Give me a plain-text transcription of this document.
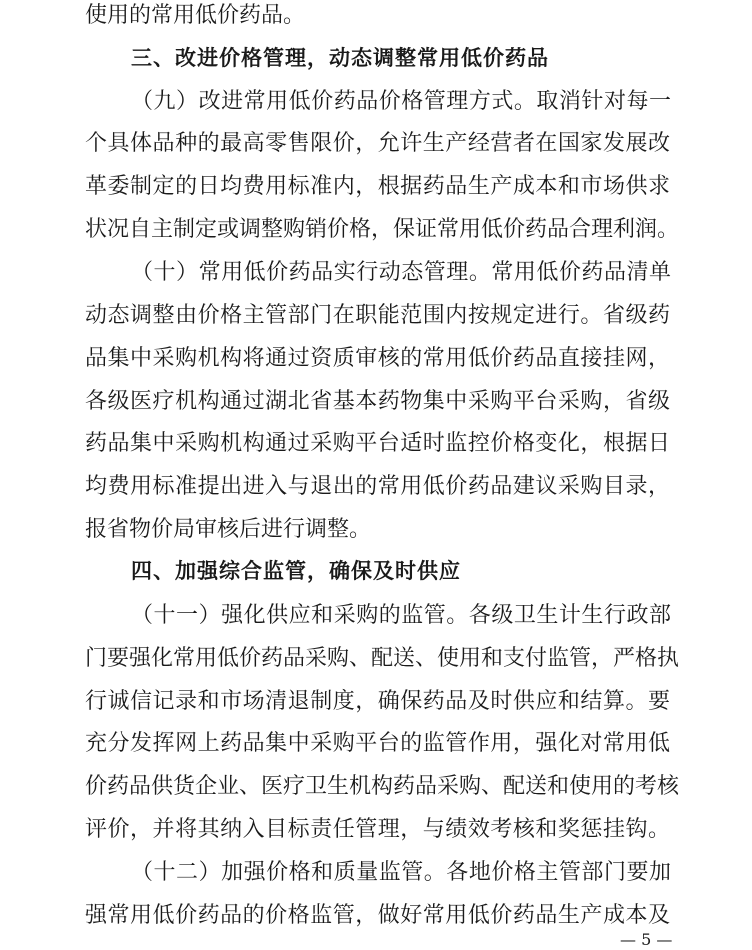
使用的常用低价药品。
三、改进价格管理，动态调整常用低价药品
（九）改进常用低价药品价格管理方式。取消针对每一
个具体品种的最高零售限价，允许生产经营者在国家发展改
革委制定的日均费用标准内，根据药品生产成本和市场供求
状况自主制定或调整购销价格，保证常用低价药品合理利润。
（十）常用低价药品实行动态管理。常用低价药品清单
动态调整由价格主管部门在职能范围内按规定进行。省级药
品集中采购机构将通过资质审核的常用低价药品直接挂网，
各级医疗机构通过湖北省基本药物集中采购平台采购，省级
药品集中采购机构通过采购平台适时监控价格变化，根据日
均费用标准提出进入与退出的常用低价药品建议采购目录，
报省物价局审核后进行调整。
四、加强综合监管，确保及时供应
（十一）强化供应和采购的监管。各级卫生计生行政部
门要强化常用低价药品采购、配送、使用和支付监管，严格执
行诚信记录和市场清退制度，确保药品及时供应和结算。要
充分发挥网上药品集中采购平台的监管作用，强化对常用低
价药品供货企业、医疗卫生机构药品采购、配送和使用的考核
评价，并将其纳入目标责任管理，与绩效考核和奖惩挂钩。
（十二）加强价格和质量监管。各地价格主管部门要加
强常用低价药品的价格监管，做好常用低价药品生产成本及
— 5 —
